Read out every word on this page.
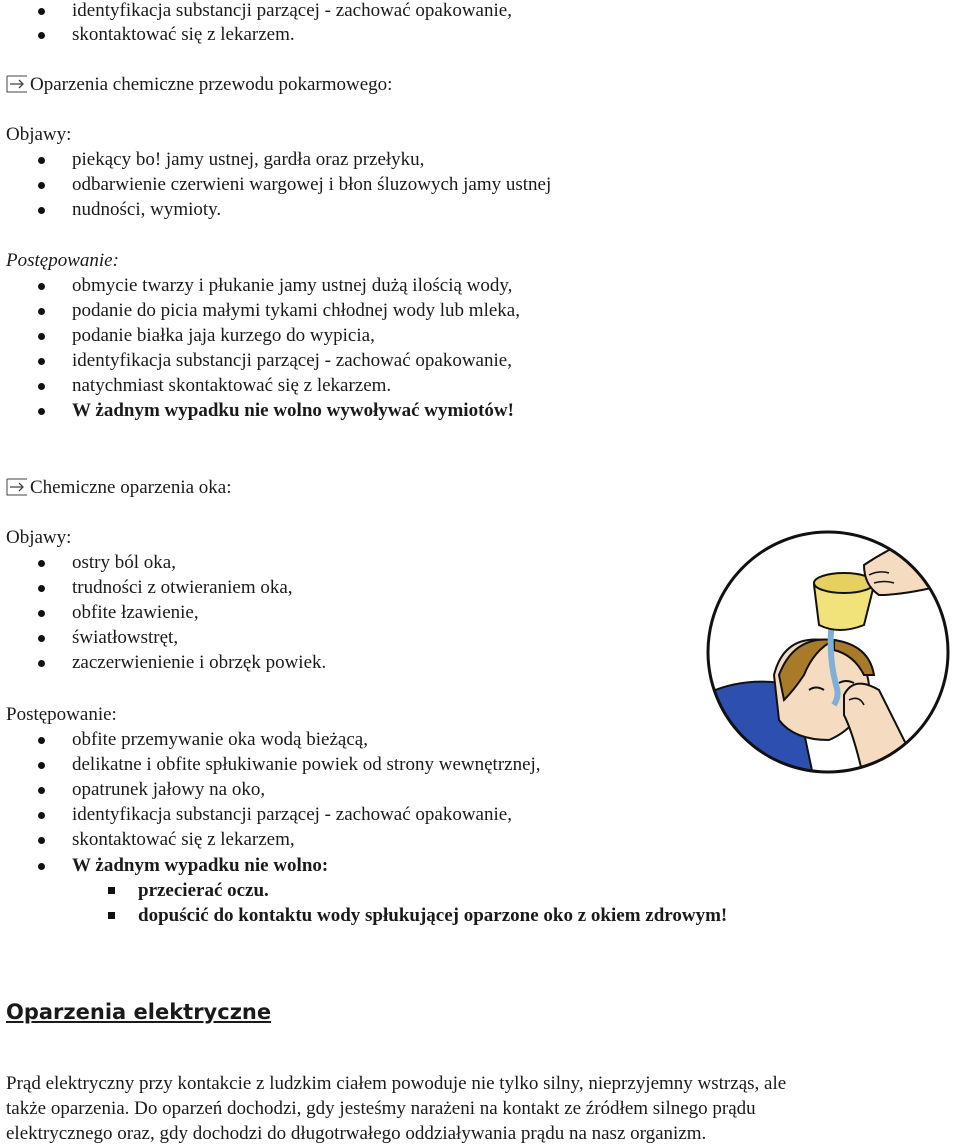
identyfikacja substancji parzącej - zachować opakowanie,
skontaktować się z lekarzem.
Oparzenia chemiczne przewodu pokarmowego:
Objawy:
piekący bo! jamy ustnej, gardła oraz przełyku,
odbarwienie czerwieni wargowej i błon śluzowych jamy ustnej
nudności, wymioty.
Postępowanie:
obmycie twarzy i płukanie jamy ustnej dużą ilością wody,
podanie do picia małymi tykami chłodnej wody lub mleka,
podanie białka jaja kurzego do wypicia,
identyfikacja substancji parzącej - zachować opakowanie,
natychmiast skontaktować się z lekarzem.
W żadnym wypadku nie wolno wywoływać wymiotów!
Chemiczne oparzenia oka:
Objawy:
ostry ból oka,
trudności z otwieraniem oka,
obfite łzawienie,
światłowstręt,
zaczerwienienie i obrzęk powiek.
Postępowanie:
obfite przemywanie oka wodą bieżącą,
delikatne i obfite spłukiwanie powiek od strony wewnętrznej,
opatrunek jałowy na oko,
identyfikacja substancji parzącej - zachować opakowanie,
skontaktować się z lekarzem,
W żadnym wypadku nie wolno:
przecierać oczu.
dopuścić do kontaktu wody spłukującej oparzone oko z okiem zdrowym!
Oparzenia elektryczne
Prąd elektryczny przy kontakcie z ludzkim ciałem powoduje nie tylko silny, nieprzyjemny wstrząs, ale
także oparzenia. Do oparzeń dochodzi, gdy jesteśmy narażeni na kontakt ze źródłem silnego prądu
elektrycznego oraz, gdy dochodzi do długotrwałego oddziaływania prądu na nasz organizm.
